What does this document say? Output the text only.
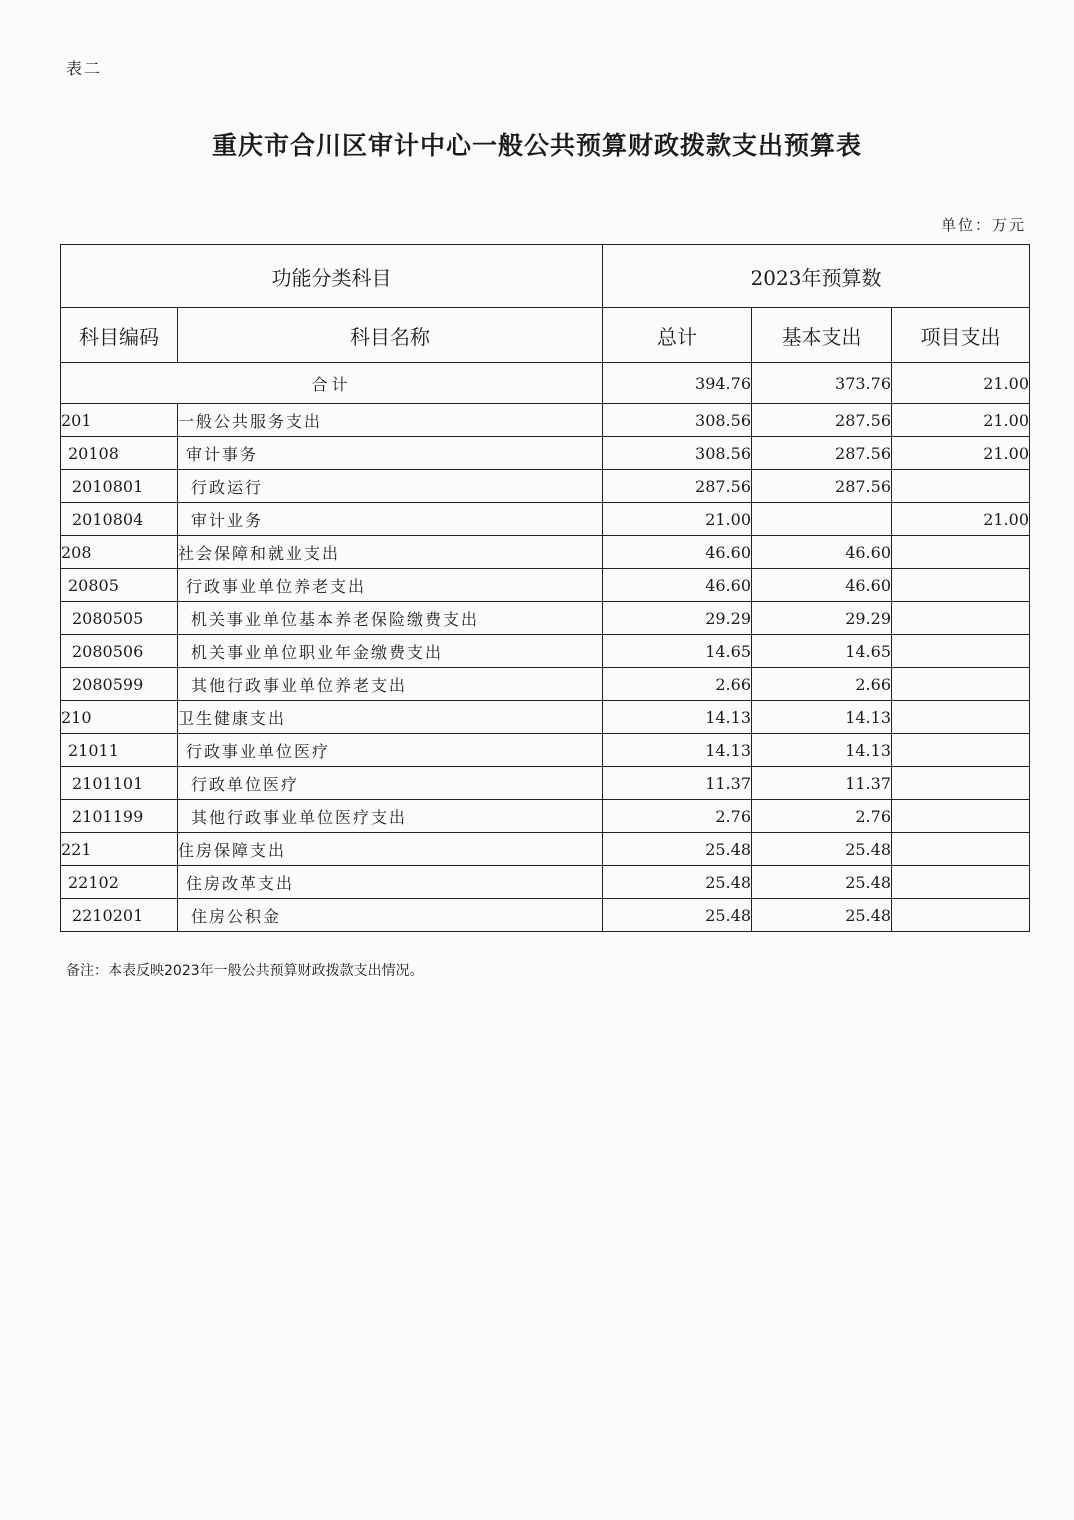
表二
重庆市合川区审计中心一般公共预算财政拨款支出预算表
单位：万元
功能分类科目		2023年预算数		
科目编码	科目名称	总计	基本支出	项目支出
合计		394.76	373.76	21.00
201	一般公共服务支出	308.56	287.56	21.00
20108	审计事务	308.56	287.56	21.00
2010801	行政运行	287.56	287.56	
2010804	审计业务	21.00		21.00
208	社会保障和就业支出	46.60	46.60	
20805	行政事业单位养老支出	46.60	46.60	
2080505	机关事业单位基本养老保险缴费支出	29.29	29.29	
2080506	机关事业单位职业年金缴费支出	14.65	14.65	
2080599	其他行政事业单位养老支出	2.66	2.66	
210	卫生健康支出	14.13	14.13	
21011	行政事业单位医疗	14.13	14.13	
2101101	行政单位医疗	11.37	11.37	
2101199	其他行政事业单位医疗支出	2.76	2.76	
221	住房保障支出	25.48	25.48	
22102	住房改革支出	25.48	25.48	
2210201	住房公积金	25.48	25.48	
备注：本表反映2023年一般公共预算财政拨款支出情况。
